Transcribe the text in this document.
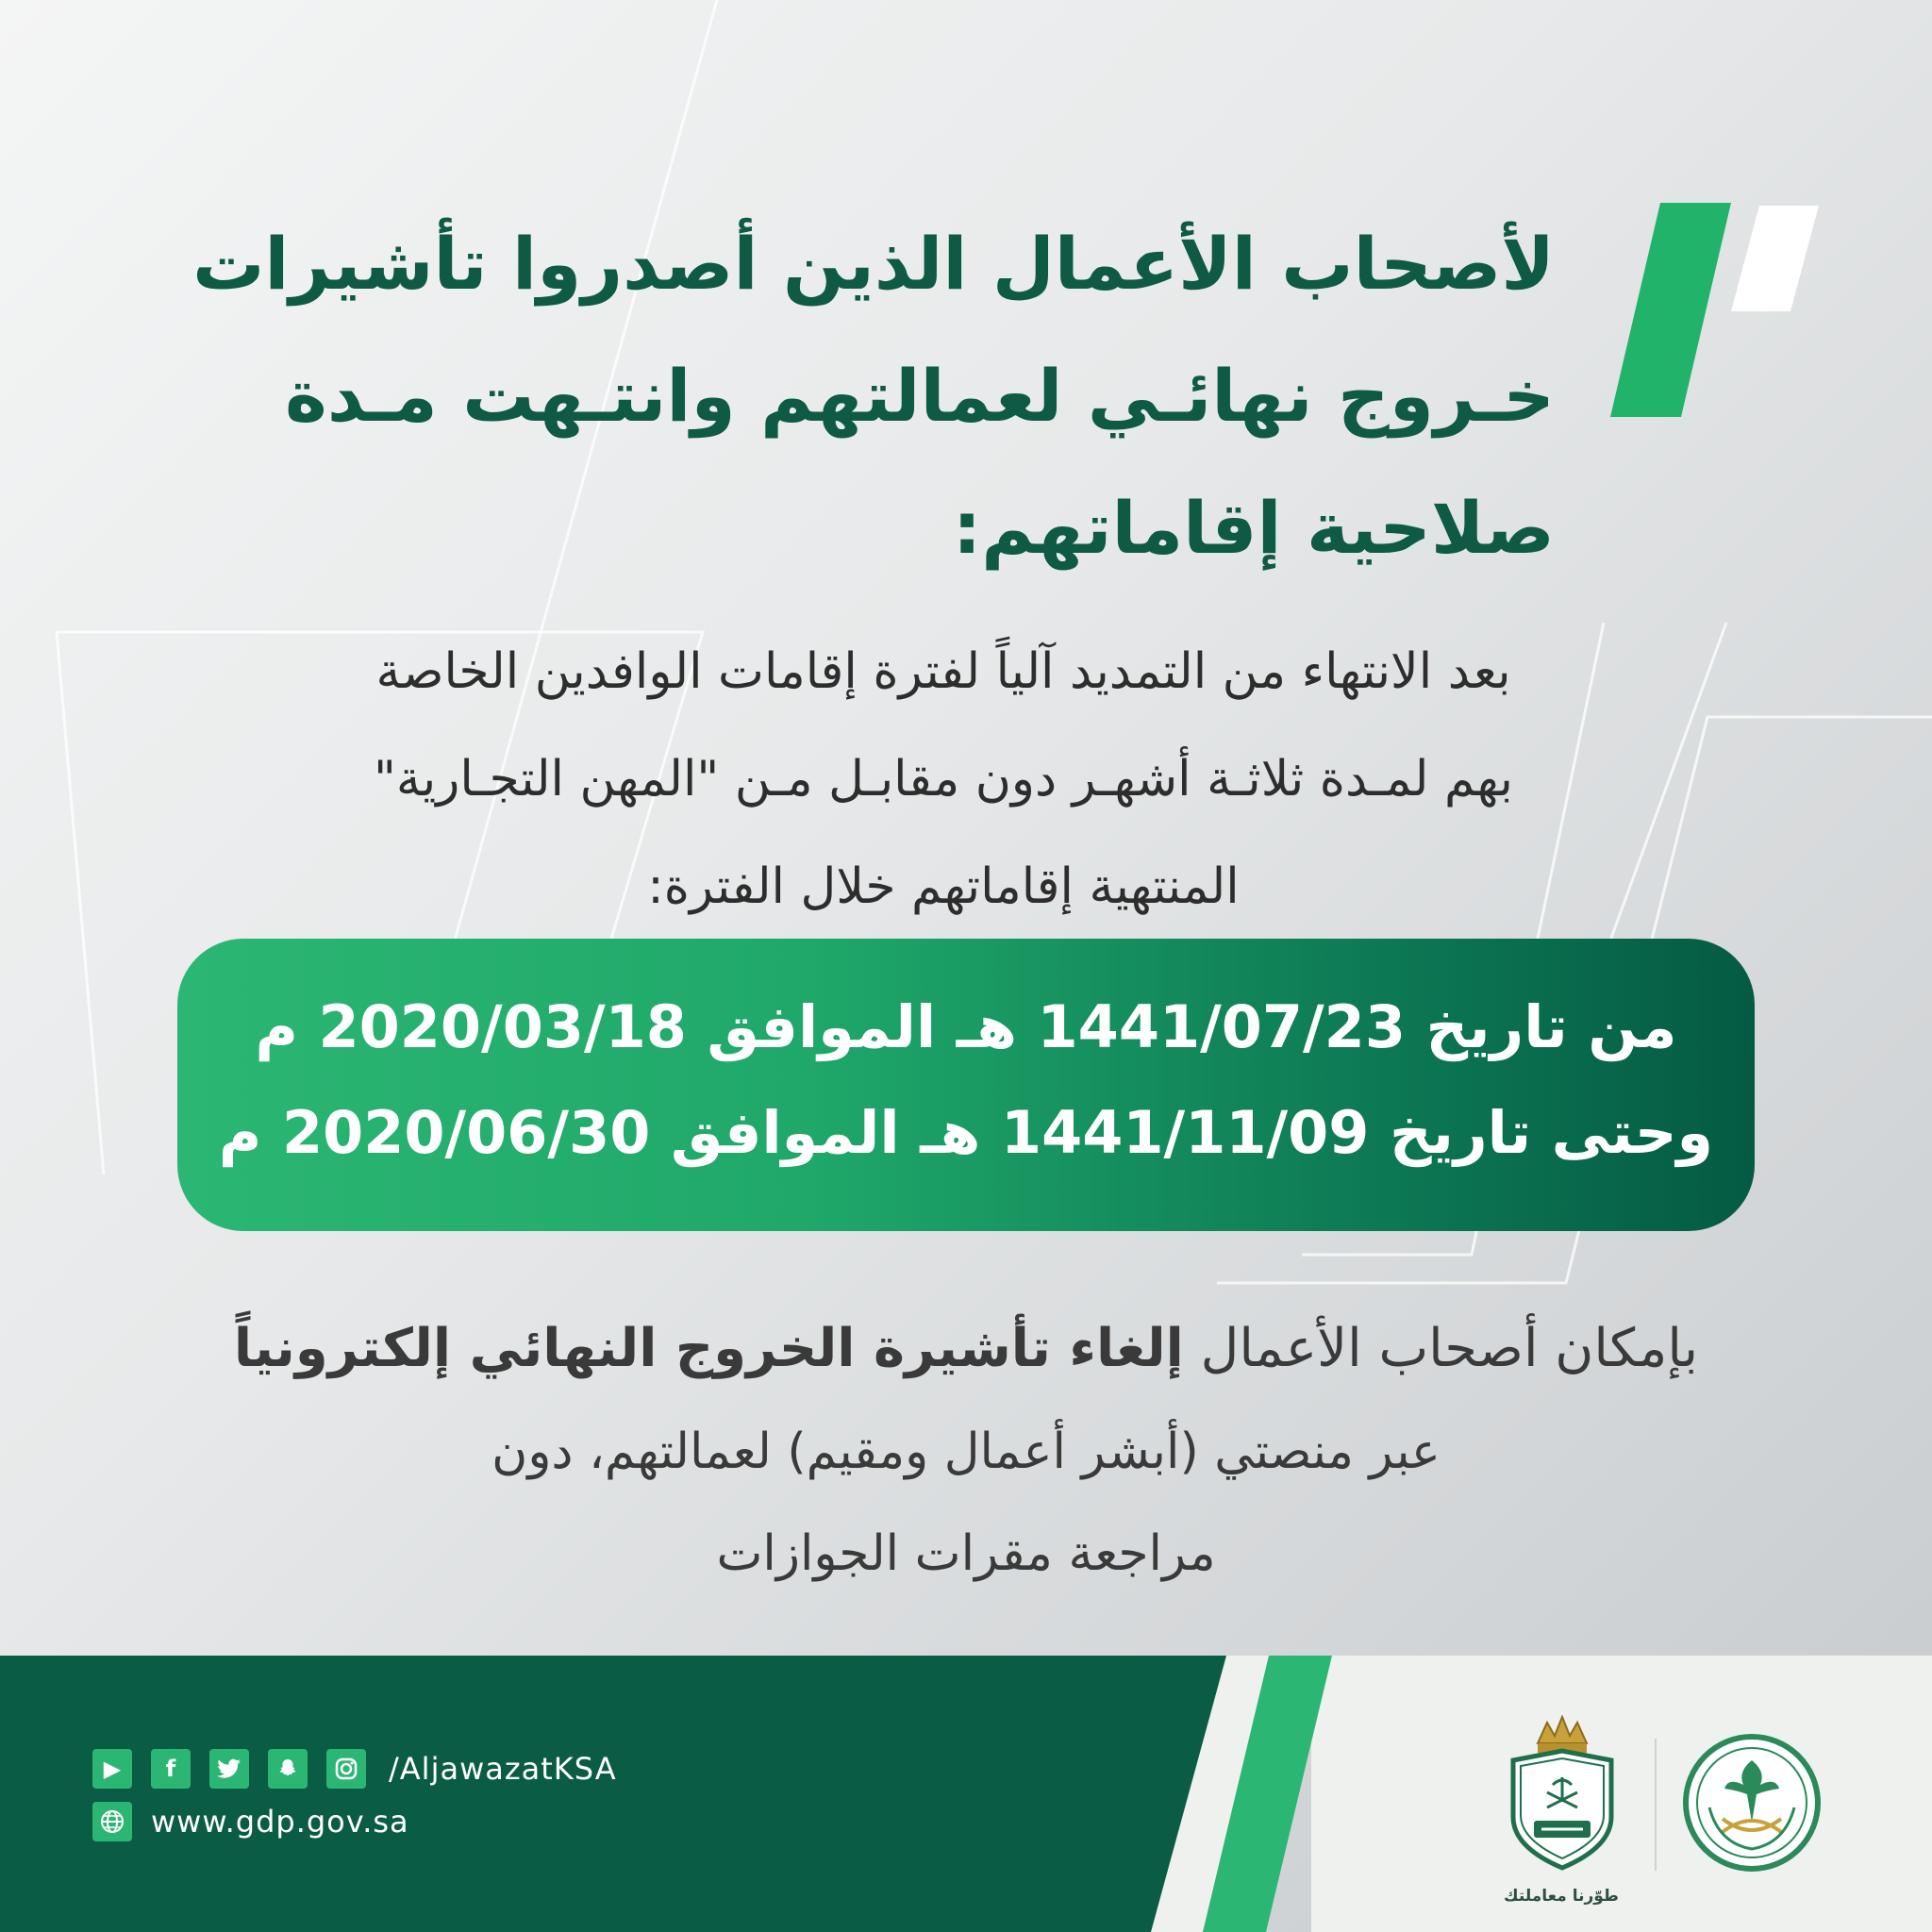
لأصحاب الأعمال الذين أصدروا تأشيرات
خـروج نهائـي لعمالتهم وانتـهت مـدة
صلاحية إقاماتهم:
بعد الانتهاء من التمديد آلياً لفترة إقامات الوافدين الخاصة
بهم لمـدة ثلاثـة أشهـر دون مقابـل مـن "المهن التجـارية"
المنتهية إقاماتهم خلال الفترة:
من تاريخ 1441/07/23 هـ الموافق 2020/03/18 م
وحتى تاريخ 1441/11/09 هـ الموافق 2020/06/30 م
بإمكان أصحاب الأعمال إلغاء تأشيرة الخروج النهائي إلكترونياً
عبر منصتي (أبشر أعمال ومقيم) لعمالتهم، دون
مراجعة مقرات الجوازات
▶	f	/AljawazatKSA
www.gdp.gov.sa
طوّرنا معاملتك
